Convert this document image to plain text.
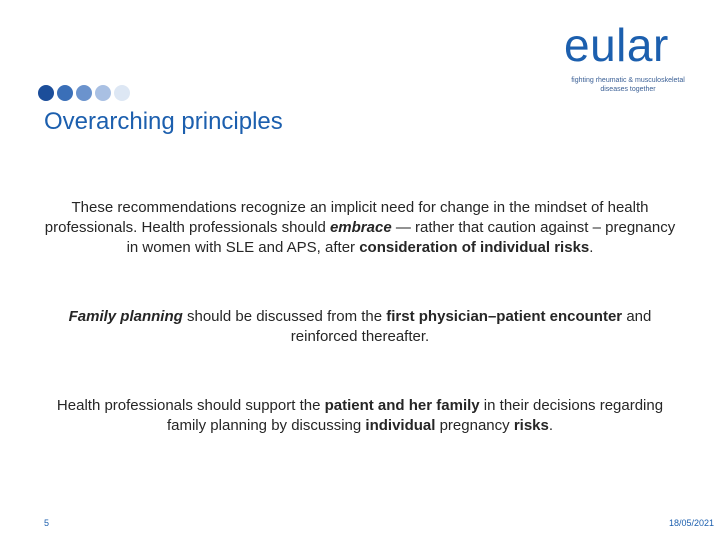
eular
fighting rheumatic & musculoskeletal
diseases together
Overarching principles

These recommendations recognize an implicit need for change in the mindset of health professionals. Health professionals should embrace — rather that caution against – pregnancy in women with SLE and APS, after consideration of individual risks.

Family planning should be discussed from the first physician–patient encounter and reinforced thereafter.

Health professionals should support the patient and her family in their decisions regarding family planning by discussing individual pregnancy risks.

5	18/05/2021
